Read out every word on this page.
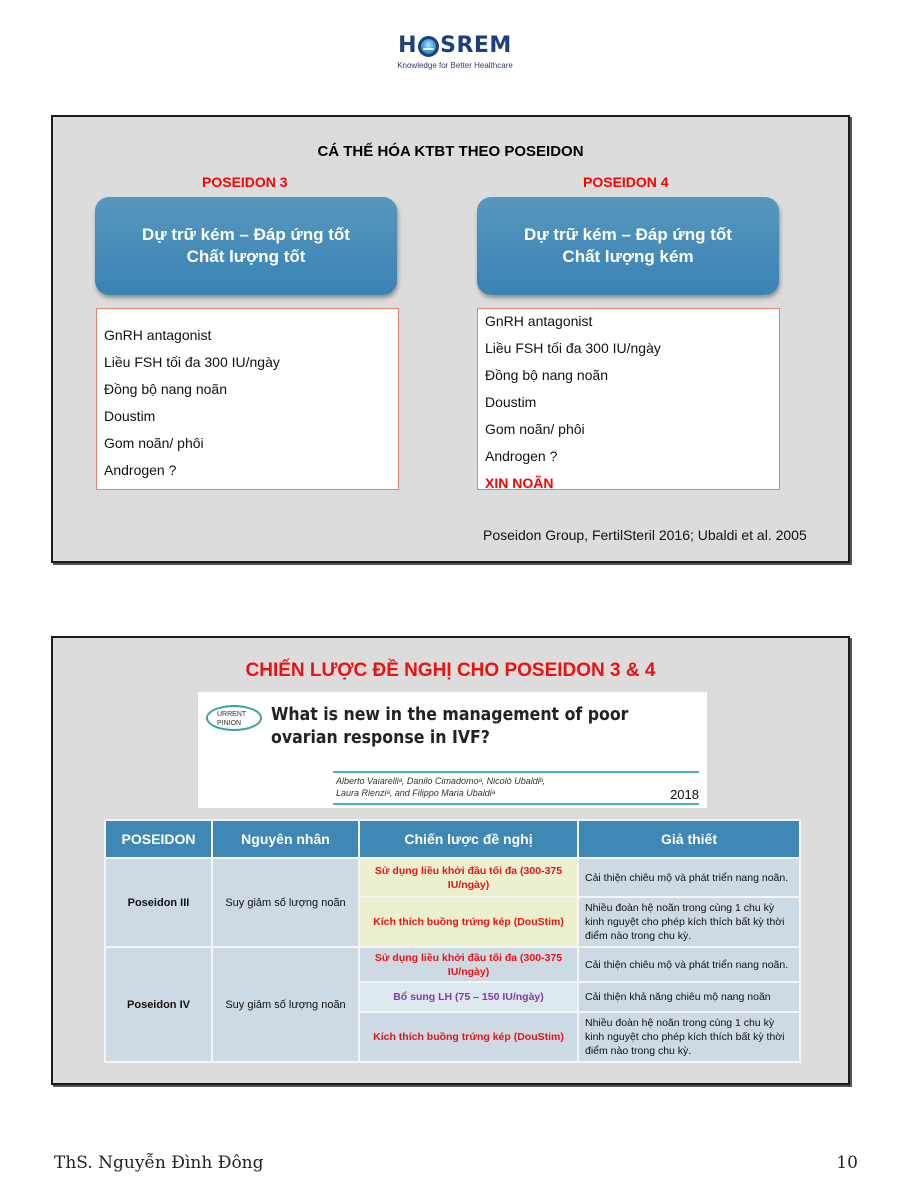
H SREM
Knowledge for Better Healthcare
CÁ THỂ HÓA KTBT THEO POSEIDON
POSEIDON 3	POSEIDON 4
Dự trữ kém – Đáp ứng tốt
Chất lượng tốt
Dự trữ kém – Đáp ứng tốt
Chất lượng kém
GnRH antagonist
Liều FSH tối đa 300 IU/ngày
Đồng bộ nang noãn
Doustim
Gom noãn/ phôi
Androgen ?
GnRH antagonist
Liều FSH tối đa 300 IU/ngày
Đồng bộ nang noãn
Doustim
Gom noãn/ phôi
Androgen ?
XIN NOÃN
Poseidon Group, FertilSteril 2016; Ubaldi et al. 2005
CHIẾN LƯỢC ĐỀ NGHỊ CHO POSEIDON 3 & 4
URRENT
PINION	What is new in the management of poor ovarian response in IVF?
Alberto Vaiarelliᵃ, Danilo Cimadomoᵃ, Nicolò Ubaldiᵇ,
Laura Rienziᵃ, and Filippo Maria Ubaldiᵃ	2018
POSEIDON	Nguyên nhân	Chiến lược đề nghị	Giả thiết
Poseidon III	Suy giảm số lượng noãn	Sử dụng liều khởi đầu tối đa (300-375 IU/ngày)	Cải thiện chiêu mộ và phát triển nang noãn.
		Kích thích buồng trứng kép (DouStim)	Nhiều đoàn hệ noãn trong cùng 1 chu kỳ kinh nguyệt cho phép kích thích bất kỳ thời điểm nào trong chu kỳ.
Poseidon IV	Suy giảm số lượng noãn	Sử dụng liều khởi đầu tối đa (300-375 IU/ngày)	Cải thiện chiêu mộ và phát triển nang noãn.
		Bổ sung LH (75 – 150 IU/ngày)	Cải thiện khả năng chiêu mộ nang noãn
		Kích thích buồng trứng kép (DouStim)	Nhiều đoàn hệ noãn trong cùng 1 chu kỳ kinh nguyệt cho phép kích thích bất kỳ thời điểm nào trong chu kỳ.
ThS. Nguyễn Đình Đông	10
